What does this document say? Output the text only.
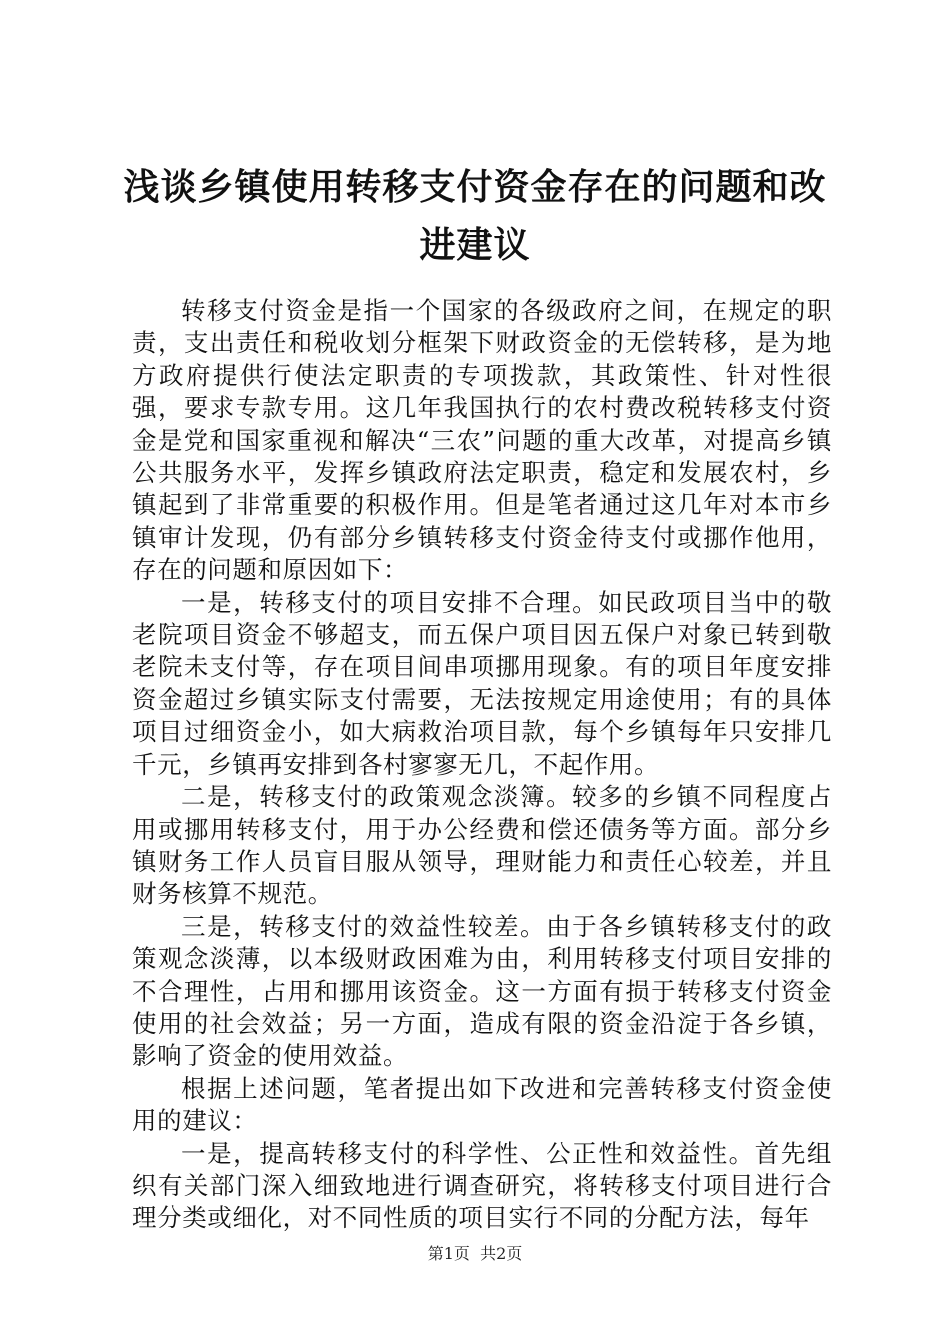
浅谈乡镇使用转移支付资金存在的问题和改进建议

转移支付资金是指一个国家的各级政府之间，在规定的职责，支出责任和税收划分框架下财政资金的无偿转移，是为地方政府提供行使法定职责的专项拨款，其政策性、针对性很强，要求专款专用。这几年我国执行的农村费改税转移支付资金是党和国家重视和解决“三农”问题的重大改革，对提高乡镇公共服务水平，发挥乡镇政府法定职责，稳定和发展农村，乡镇起到了非常重要的积极作用。但是笔者通过这几年对本市乡镇审计发现，仍有部分乡镇转移支付资金待支付或挪作他用，存在的问题和原因如下：

一是，转移支付的项目安排不合理。如民政项目当中的敬老院项目资金不够超支，而五保户项目因五保户对象已转到敬老院未支付等，存在项目间串项挪用现象。有的项目年度安排资金超过乡镇实际支付需要，无法按规定用途使用；有的具体项目过细资金小，如大病救治项目款，每个乡镇每年只安排几千元，乡镇再安排到各村寥寥无几，不起作用。

二是，转移支付的政策观念淡簿。较多的乡镇不同程度占用或挪用转移支付，用于办公经费和偿还债务等方面。部分乡镇财务工作人员盲目服从领导，理财能力和责任心较差，并且财务核算不规范。

三是，转移支付的效益性较差。由于各乡镇转移支付的政策观念淡薄，以本级财政困难为由，利用转移支付项目安排的不合理性，占用和挪用该资金。这一方面有损于转移支付资金使用的社会效益；另一方面，造成有限的资金沿淀于各乡镇，影响了资金的使用效益。

根据上述问题，笔者提出如下改进和完善转移支付资金使用的建议：

一是，提高转移支付的科学性、公正性和效益性。首先组织有关部门深入细致地进行调查研究，将转移支付项目进行合理分类或细化，对不同性质的项目实行不同的分配方法，每年

第1页  共2页
